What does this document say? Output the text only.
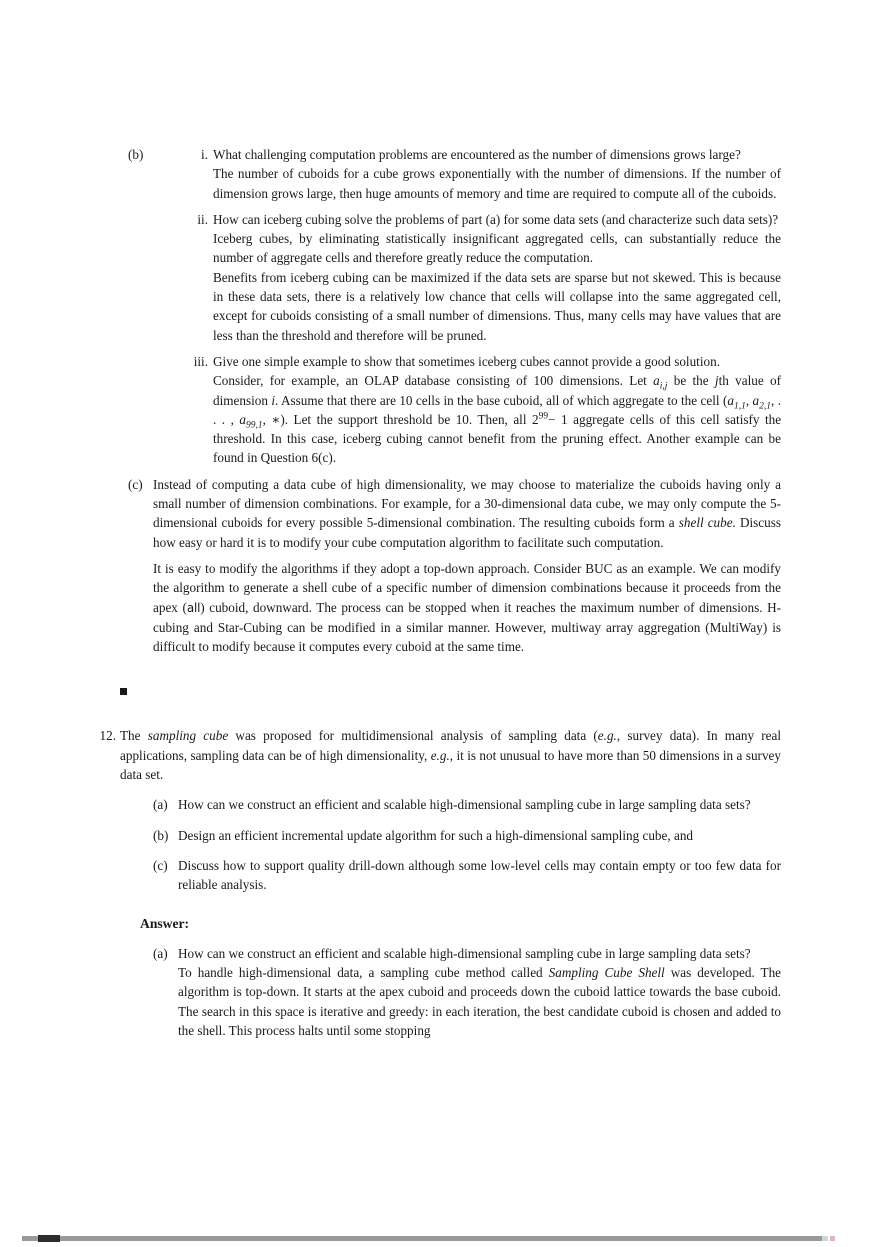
(b)	i. What challenging computation problems are encountered as the number of dimensions grows large?

The number of cuboids for a cube grows exponentially with the number of dimensions. If the number of dimension grows large, then huge amounts of memory and time are required to compute all of the cuboids.

ii. How can iceberg cubing solve the problems of part (a) for some data sets (and characterize such data sets)?

Iceberg cubes, by eliminating statistically insignificant aggregated cells, can substantially reduce the number of aggregate cells and therefore greatly reduce the computation.

Benefits from iceberg cubing can be maximized if the data sets are sparse but not skewed. This is because in these data sets, there is a relatively low chance that cells will collapse into the same aggregated cell, except for cuboids consisting of a small number of dimensions. Thus, many cells may have values that are less than the threshold and therefore will be pruned.

iii. Give one simple example to show that sometimes iceberg cubes cannot provide a good solution.

Consider, for example, an OLAP database consisting of 100 dimensions. Let $a_{i,j}$ be the jth value of dimension i. Assume that there are 10 cells in the base cuboid, all of which aggregate to the cell ($a_{1,1}$, $a_{2,1}$, . . . , $a_{99,1}$, ∗). Let the support threshold be 10. Then, all $2^{99}- 1$ aggregate cells of this cell satisfy the threshold. In this case, iceberg cubing cannot benefit from the pruning effect. Another example can be found in Question 6(c).

(c) Instead of computing a data cube of high dimensionality, we may choose to materialize the cuboids having only a small number of dimension combinations. For example, for a 30-dimensional data cube, we may only compute the 5-dimensional cuboids for every possible 5-dimensional combination. The resulting cuboids form a shell cube. Discuss how easy or hard it is to modify your cube computation algorithm to facilitate such computation.

It is easy to modify the algorithms if they adopt a top-down approach. Consider BUC as an example. We can modify the algorithm to generate a shell cube of a specific number of dimension combinations because it proceeds from the apex (all) cuboid, downward. The process can be stopped when it reaches the maximum number of dimensions. H-cubing and Star-Cubing can be modified in a similar manner. However, multiway array aggregation (MultiWay) is difficult to modify because it computes every cuboid at the same time.

12. The sampling cube was proposed for multidimensional analysis of sampling data (e.g., survey data). In many real applications, sampling data can be of high dimensionality, e.g., it is not unusual to have more than 50 dimensions in a survey data set.

(a) How can we construct an efficient and scalable high-dimensional sampling cube in large sampling data sets?

(b) Design an efficient incremental update algorithm for such a high-dimensional sampling cube, and

(c) Discuss how to support quality drill-down although some low-level cells may contain empty or too few data for reliable analysis.

Answer:
(a) How can we construct an efficient and scalable high-dimensional sampling cube in large sampling data sets?

To handle high-dimensional data, a sampling cube method called Sampling Cube Shell was developed. The algorithm is top-down. It starts at the apex cuboid and proceeds down the cuboid lattice towards the base cuboid. The search in this space is iterative and greedy: in each iteration, the best candidate cuboid is chosen and added to the shell. This process halts until some stopping
